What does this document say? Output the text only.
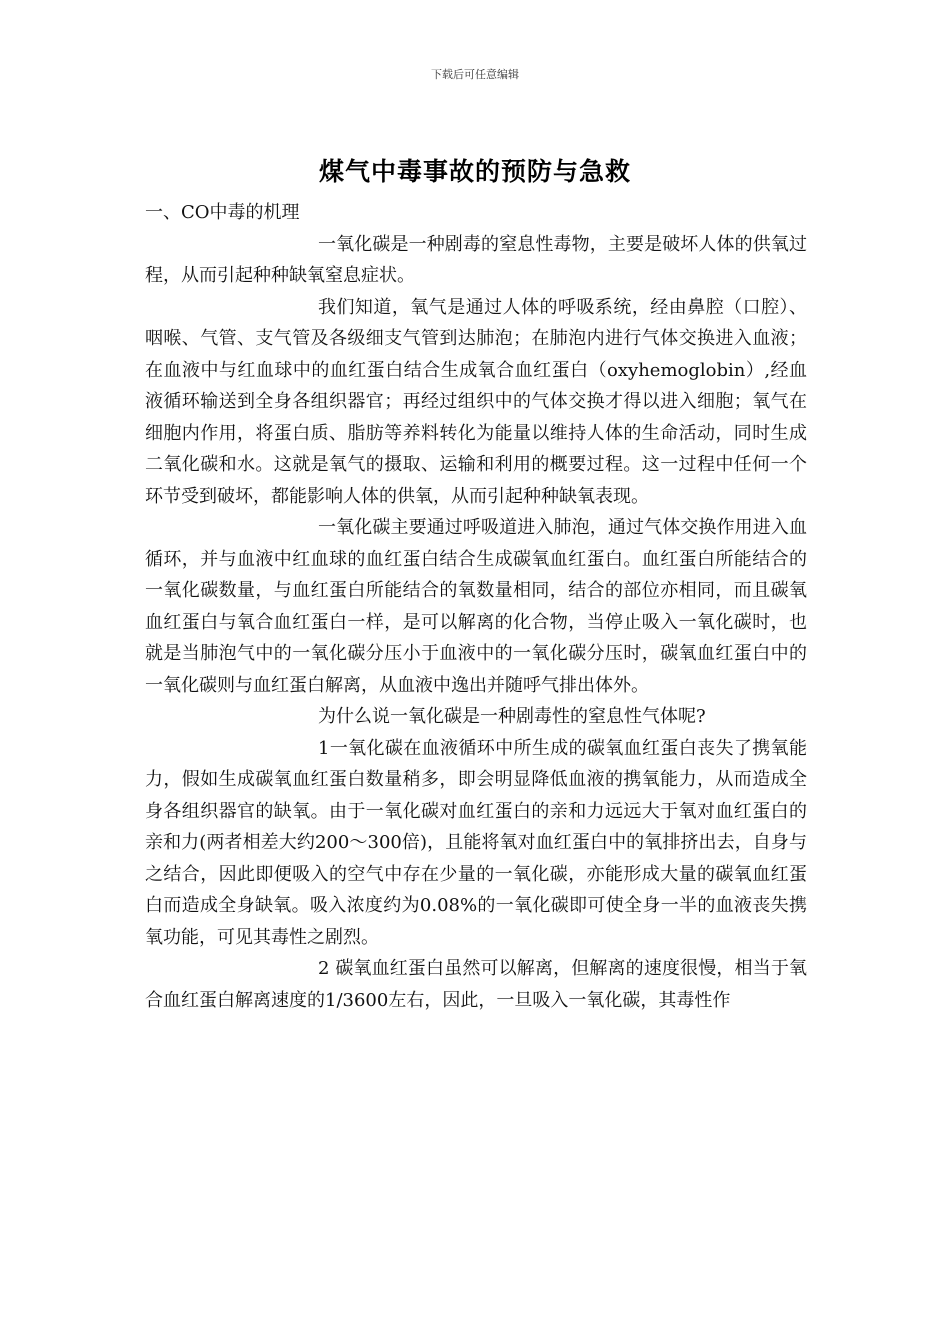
下载后可任意编辑
煤气中毒事故的预防与急救

一、CO中毒的机理

一氧化碳是一种剧毒的窒息性毒物，主要是破坏人体的供氧过程，从而引起种种缺氧窒息症状。

我们知道，氧气是通过人体的呼吸系统，经由鼻腔（口腔）、咽喉、气管、支气管及各级细支气管到达肺泡；在肺泡内进行气体交换进入血液；在血液中与红血球中的血红蛋白结合生成氧合血红蛋白（oxyhemoglobin）,经血液循环输送到全身各组织器官；再经过组织中的气体交换才得以进入细胞；氧气在细胞内作用，将蛋白质、脂肪等养料转化为能量以维持人体的生命活动，同时生成二氧化碳和水。这就是氧气的摄取、运输和利用的概要过程。这一过程中任何一个环节受到破坏，都能影响人体的供氧，从而引起种种缺氧表现。

一氧化碳主要通过呼吸道进入肺泡，通过气体交换作用进入血循环，并与血液中红血球的血红蛋白结合生成碳氧血红蛋白。血红蛋白所能结合的一氧化碳数量，与血红蛋白所能结合的氧数量相同，结合的部位亦相同，而且碳氧血红蛋白与氧合血红蛋白一样，是可以解离的化合物，当停止吸入一氧化碳时，也就是当肺泡气中的一氧化碳分压小于血液中的一氧化碳分压时，碳氧血红蛋白中的一氧化碳则与血红蛋白解离，从血液中逸出并随呼气排出体外。

为什么说一氧化碳是一种剧毒性的窒息性气体呢?

1一氧化碳在血液循环中所生成的碳氧血红蛋白丧失了携氧能力，假如生成碳氧血红蛋白数量稍多，即会明显降低血液的携氧能力，从而造成全身各组织器官的缺氧。由于一氧化碳对血红蛋白的亲和力远远大于氧对血红蛋白的亲和力(两者相差大约200～300倍)，且能将氧对血红蛋白中的氧排挤出去，自身与之结合，因此即便吸入的空气中存在少量的一氧化碳，亦能形成大量的碳氧血红蛋白而造成全身缺氧。吸入浓度约为0.08%的一氧化碳即可使全身一半的血液丧失携氧功能，可见其毒性之剧烈。

2 碳氧血红蛋白虽然可以解离，但解离的速度很慢，相当于氧合血红蛋白解离速度的1/3600左右，因此，一旦吸入一氧化碳，其毒性作
